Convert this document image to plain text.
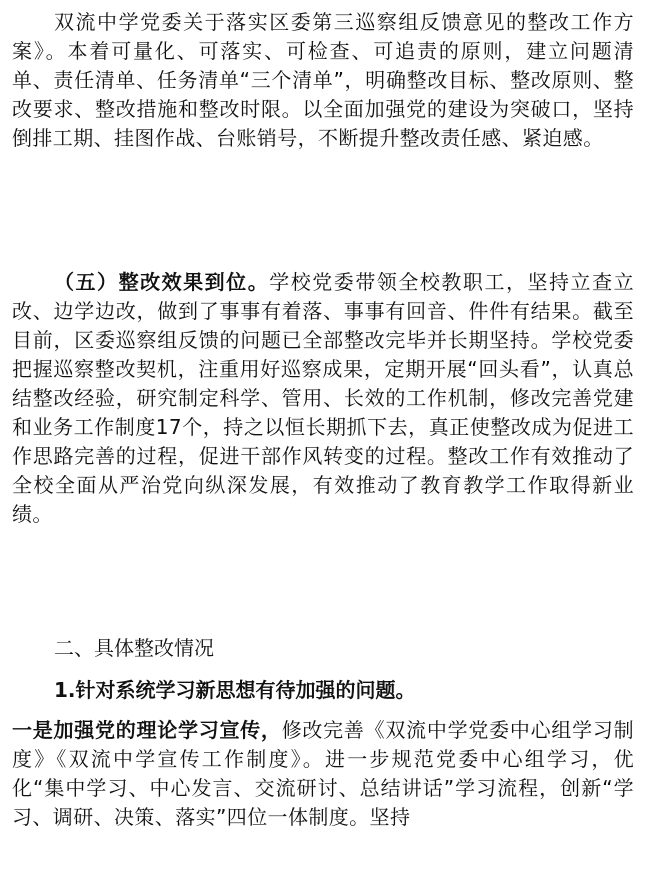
双流中学党委关于落实区委第三巡察组反馈意见的整改工作方案》。本着可量化、可落实、可检查、可追责的原则，建立问题清单、责任清单、任务清单“三个清单”，明确整改目标、整改原则、整改要求、整改措施和整改时限。以全面加强党的建设为突破口，坚持倒排工期、挂图作战、台账销号，不断提升整改责任感、紧迫感。

（五）整改效果到位。学校党委带领全校教职工，坚持立查立改、边学边改，做到了事事有着落、事事有回音、件件有结果。截至目前，区委巡察组反馈的问题已全部整改完毕并长期坚持。学校党委把握巡察整改契机，注重用好巡察成果，定期开展“回头看”，认真总结整改经验，研究制定科学、管用、长效的工作机制，修改完善党建和业务工作制度17个，持之以恒长期抓下去，真正使整改成为促进工作思路完善的过程，促进干部作风转变的过程。整改工作有效推动了全校全面从严治党向纵深发展，有效推动了教育教学工作取得新业绩。

二、具体整改情况
1.针对系统学习新思想有待加强的问题。

一是加强党的理论学习宣传，修改完善《双流中学党委中心组学习制度》《双流中学宣传工作制度》。进一步规范党委中心组学习，优化“集中学习、中心发言、交流研讨、总结讲话”学习流程，创新“学习、调研、决策、落实”四位一体制度。坚持
